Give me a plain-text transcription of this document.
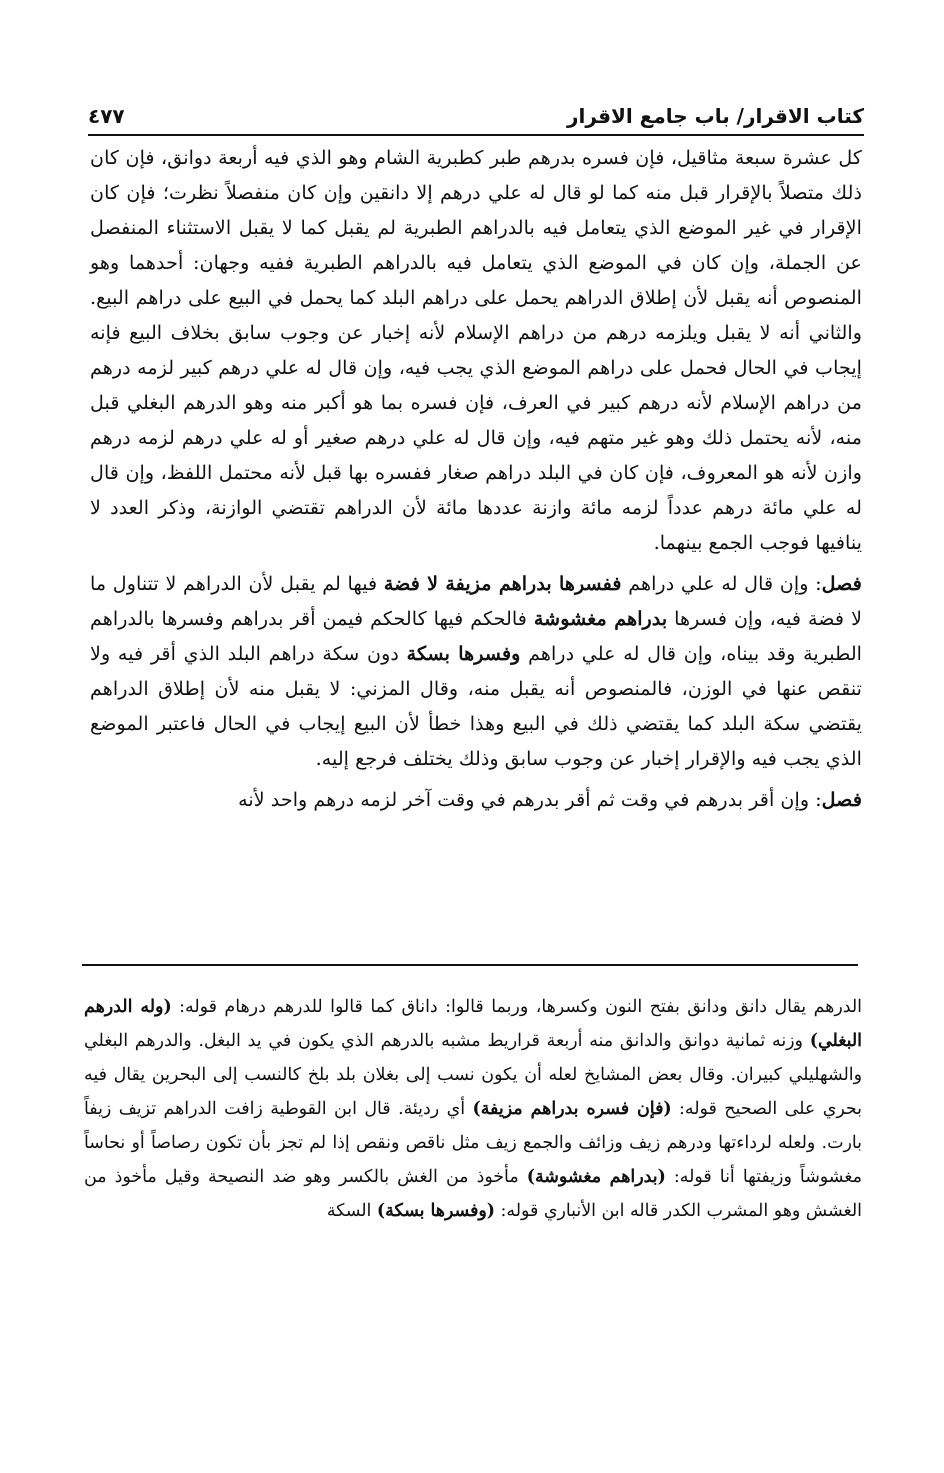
كتاب الاقرار/ باب جامع الاقرار
٤٧٧

كل عشرة سبعة مثاقيل، فإن فسره بدرهم طبر كطبرية الشام وهو الذي فيه أربعة دوانق، فإن كان ذلك متصلاً بالإقرار قبل منه كما لو قال له علي درهم إلا دانقين وإن كان منفصلاً نظرت؛ فإن كان الإقرار في غير الموضع الذي يتعامل فيه بالدراهم الطبرية لم يقبل كما لا يقبل الاستثناء المنفصل عن الجملة، وإن كان في الموضع الذي يتعامل فيه بالدراهم الطبرية ففيه وجهان: أحدهما وهو المنصوص أنه يقبل لأن إطلاق الدراهم يحمل على دراهم البلد كما يحمل في البيع على دراهم البيع. والثاني أنه لا يقبل ويلزمه درهم من دراهم الإسلام لأنه إخبار عن وجوب سابق بخلاف البيع فإنه إيجاب في الحال فحمل على دراهم الموضع الذي يجب فيه، وإن قال له علي درهم كبير لزمه درهم من دراهم الإسلام لأنه درهم كبير في العرف، فإن فسره بما هو أكبر منه وهو الدرهم البغلي قبل منه، لأنه يحتمل ذلك وهو غير متهم فيه، وإن قال له علي درهم صغير أو له علي درهم لزمه درهم وازن لأنه هو المعروف، فإن كان في البلد دراهم صغار ففسره بها قبل لأنه محتمل اللفظ، وإن قال له علي مائة درهم عدداً لزمه مائة وازنة عددها مائة لأن الدراهم تقتضي الوازنة، وذكر العدد لا ينافيها فوجب الجمع بينهما.

فصل: وإن قال له علي دراهم ففسرها بدراهم مزيفة لا فضة فيها لم يقبل لأن الدراهم لا تتناول ما لا فضة فيه، وإن فسرها بدراهم مغشوشة فالحكم فيها كالحكم فيمن أقر بدراهم وفسرها بالدراهم الطبرية وقد بيناه، وإن قال له علي دراهم وفسرها بسكة دون سكة دراهم البلد الذي أقر فيه ولا تنقص عنها في الوزن، فالمنصوص أنه يقبل منه، وقال المزني: لا يقبل منه لأن إطلاق الدراهم يقتضي سكة البلد كما يقتضي ذلك في البيع وهذا خطأ لأن البيع إيجاب في الحال فاعتبر الموضع الذي يجب فيه والإقرار إخبار عن وجوب سابق وذلك يختلف فرجع إليه.

فصل: وإن أقر بدرهم في وقت ثم أقر بدرهم في وقت آخر لزمه درهم واحد لأنه

الدرهم يقال دانق ودانق بفتح النون وكسرها، وربما قالوا: داناق كما قالوا للدرهم درهام قوله: (وله الدرهم البغلي) وزنه ثمانية دوانق والدانق منه أربعة قراريط مشبه بالدرهم الذي يكون في يد البغل. والدرهم البغلي والشهليلي كبيران. وقال بعض المشايخ لعله أن يكون نسب إلى بغلان بلد بلخ كالنسب إلى البحرين يقال فيه بحري على الصحيح قوله: (فإن فسره بدراهم مزيفة) أي رديئة. قال ابن القوطية زافت الدراهم تزيف زيفاً بارت. ولعله لرداءتها ودرهم زيف وزائف والجمع زيف مثل ناقص ونقص إذا لم تجز بأن تكون رصاصاً أو نحاساً مغشوشاً وزيفتها أنا قوله: (بدراهم مغشوشة) مأخوذ من الغش بالكسر وهو ضد النصيحة وقيل مأخوذ من الغشش وهو المشرب الكدر قاله ابن الأنباري قوله: (وفسرها بسكة) السكة
